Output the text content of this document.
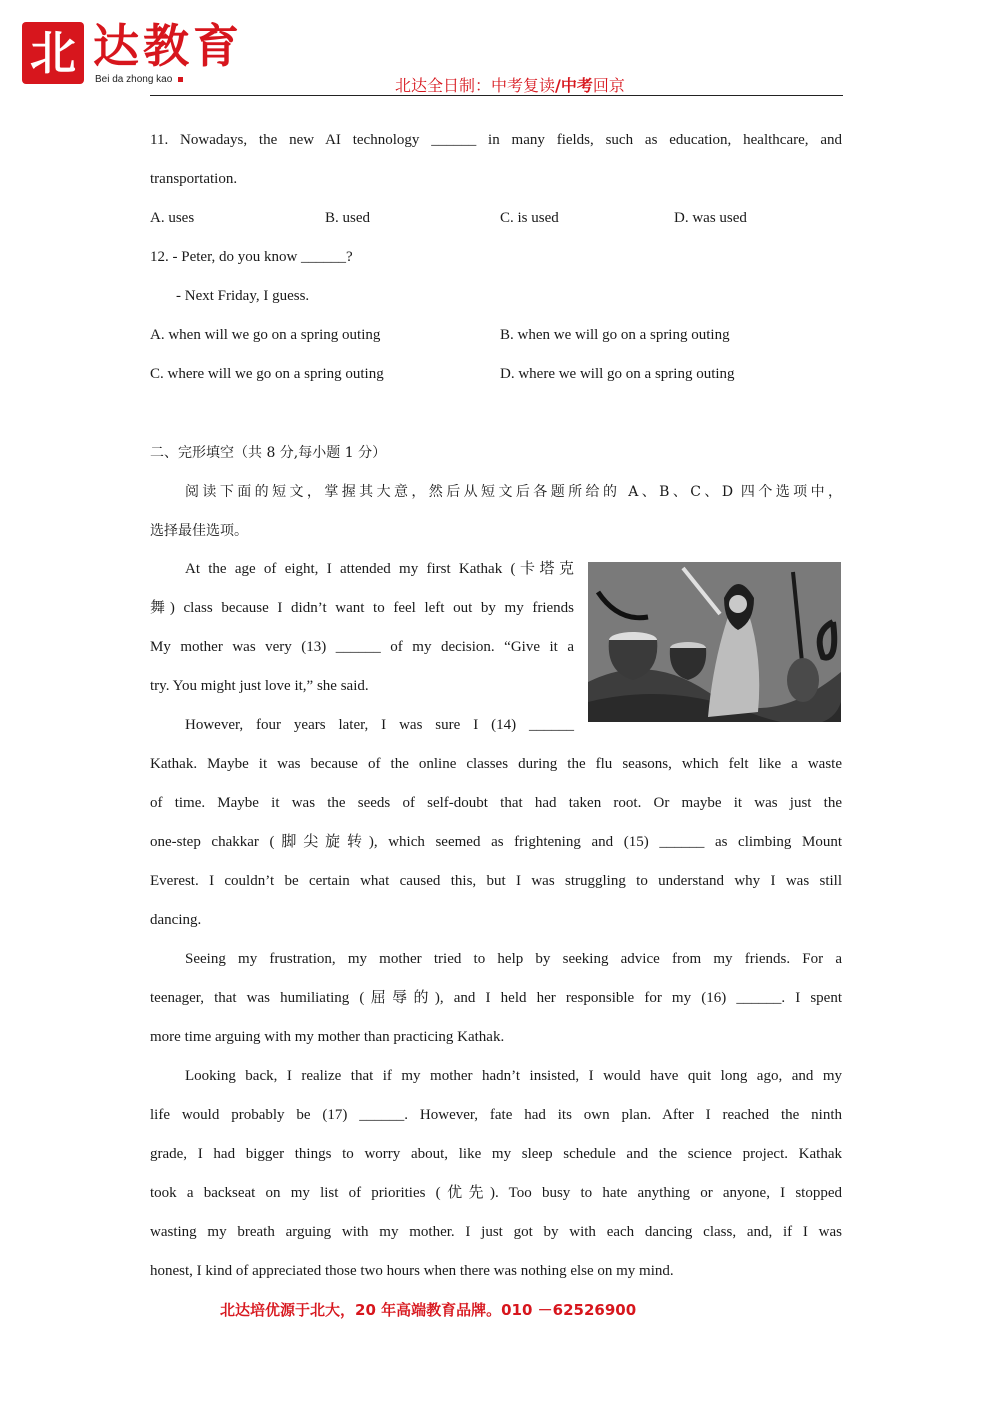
北 达教育
Bei da zhong kao	北达全日制：中考复读/中考回京
11. Nowadays, the new AI technology ______ in many fields, such as education, healthcare, and
transportation.
A. uses	B. used	C. is used	D. was used
12. - Peter, do you know ______?
- Next Friday, I guess.
A. when will we go on a spring outing	B. when we will go on a spring outing
C. where will we go on a spring outing	D. where we will go on a spring outing
二、完形填空（共 8 分,每小题 1 分）
阅读下面的短文，掌握其大意，然后从短文后各题所给的 A、B、C、D 四个选项中，
选择最佳选项。
At the age of eight, I attended my first Kathak (卡塔克
舞) class because I didn’t want to feel left out by my friends
My mother was very (13) ______ of my decision. “Give it a
try. You might just love it,” she said.
However, four years later, I was sure I (14) ______
Kathak. Maybe it was because of the online classes during the flu seasons, which felt like a waste
of time. Maybe it was the seeds of self-doubt that had taken root. Or maybe it was just the
one-step chakkar (脚尖旋转), which seemed as frightening and (15) ______ as climbing Mount
Everest. I couldn’t be certain what caused this, but I was struggling to understand why I was still
dancing.
Seeing my frustration, my mother tried to help by seeking advice from my friends. For a
teenager, that was humiliating (屈辱的), and I held her responsible for my (16) ______. I spent
more time arguing with my mother than practicing Kathak.
Looking back, I realize that if my mother hadn’t insisted, I would have quit long ago, and my
life would probably be (17) ______. However, fate had its own plan. After I reached the ninth
grade, I had bigger things to worry about, like my sleep schedule and the science project. Kathak
took a backseat on my list of priorities (优先). Too busy to hate anything or anyone, I stopped
wasting my breath arguing with my mother. I just got by with each dancing class, and, if I was
honest, I kind of appreciated those two hours when there was nothing else on my mind.
北达培优源于北大，20 年高端教育品牌。010 －62526900
